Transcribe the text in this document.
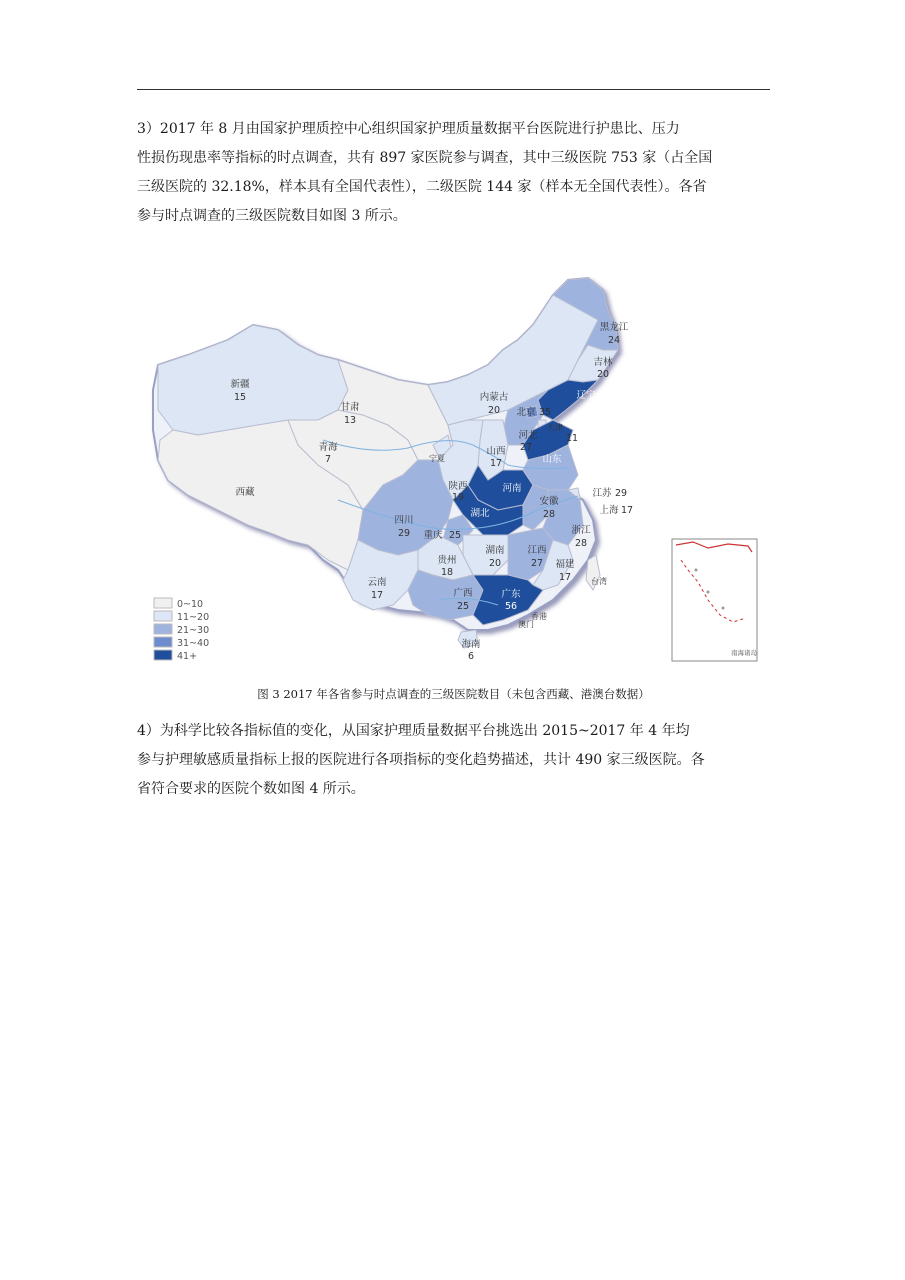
3）2017 年 8 月由国家护理质控中心组织国家护理质量数据平台医院进行护患比、压力
性损伤现患率等指标的时点调查，共有 897 家医院参与调查，其中三级医院 753 家（占全国
三级医院的 32.18%，样本具有全国代表性），二级医院 144 家（样本无全国代表性）。各省
参与时点调查的三级医院数目如图 3 所示。

新疆
15
西藏
青海
7
甘肃
13
内蒙古
20
黑龙江
24
吉林
20
辽宁
北京 35
天津
11
河北
27
山西
17	山东
宁夏
陕西
19
河南	江苏 29
安徽
28	上海 17
四川
29
湖北
重庆 25	浙江
28
湖南
20
江西
27
贵州
18
福建
17 台湾
云南
17	广西
25
广东
56
香港
澳门
海南
6
0~10
11~20
21~30
31~40
41+	南海诸岛
图 3 2017 年各省参与时点调查的三级医院数目（未包含西藏、港澳台数据）

4）为科学比较各指标值的变化，从国家护理质量数据平台挑选出 2015~2017 年 4 年均
参与护理敏感质量指标上报的医院进行各项指标的变化趋势描述，共计 490 家三级医院。各
省符合要求的医院个数如图 4 所示。
